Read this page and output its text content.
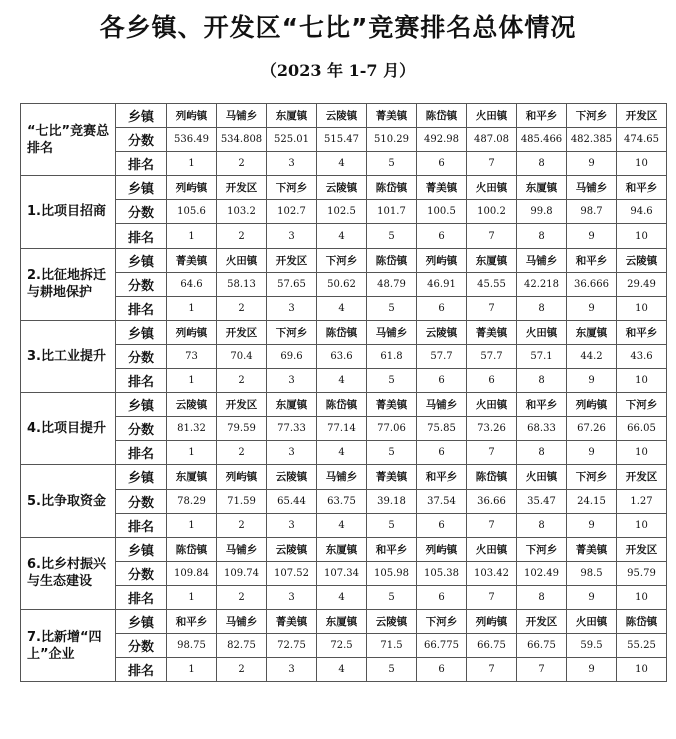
各乡镇、开发区“七比”竞赛排名总体情况
（2023 年 1-7 月）
“七比”竞赛总排名	乡镇	列屿镇	马铺乡	东厦镇	云陵镇	菁美镇	陈岱镇	火田镇	和平乡	下河乡	开发区
	分数	536.49	534.808	525.01	515.47	510.29	492.98	487.08	485.466	482.385	474.65
	排名	1	2	3	4	5	6	7	8	9	10
1.比项目招商	乡镇	列屿镇	开发区	下河乡	云陵镇	陈岱镇	菁美镇	火田镇	东厦镇	马铺乡	和平乡
	分数	105.6	103.2	102.7	102.5	101.7	100.5	100.2	99.8	98.7	94.6
	排名	1	2	3	4	5	6	7	8	9	10
2.比征地拆迁与耕地保护	乡镇	菁美镇	火田镇	开发区	下河乡	陈岱镇	列屿镇	东厦镇	马铺乡	和平乡	云陵镇
	分数	64.6	58.13	57.65	50.62	48.79	46.91	45.55	42.218	36.666	29.49
	排名	1	2	3	4	5	6	7	8	9	10
3.比工业提升	乡镇	列屿镇	开发区	下河乡	陈岱镇	马铺乡	云陵镇	菁美镇	火田镇	东厦镇	和平乡
	分数	73	70.4	69.6	63.6	61.8	57.7	57.7	57.1	44.2	43.6
	排名	1	2	3	4	5	6	6	8	9	10
4.比项目提升	乡镇	云陵镇	开发区	东厦镇	陈岱镇	菁美镇	马铺乡	火田镇	和平乡	列屿镇	下河乡
	分数	81.32	79.59	77.33	77.14	77.06	75.85	73.26	68.33	67.26	66.05
	排名	1	2	3	4	5	6	7	8	9	10
5.比争取资金	乡镇	东厦镇	列屿镇	云陵镇	马铺乡	菁美镇	和平乡	陈岱镇	火田镇	下河乡	开发区
	分数	78.29	71.59	65.44	63.75	39.18	37.54	36.66	35.47	24.15	1.27
	排名	1	2	3	4	5	6	7	8	9	10
6.比乡村振兴与生态建设	乡镇	陈岱镇	马铺乡	云陵镇	东厦镇	和平乡	列屿镇	火田镇	下河乡	菁美镇	开发区
	分数	109.84	109.74	107.52	107.34	105.98	105.38	103.42	102.49	98.5	95.79
	排名	1	2	3	4	5	6	7	8	9	10
7.比新增“四上”企业	乡镇	和平乡	马铺乡	菁美镇	东厦镇	云陵镇	下河乡	列屿镇	开发区	火田镇	陈岱镇
	分数	98.75	82.75	72.75	72.5	71.5	66.775	66.75	66.75	59.5	55.25
	排名	1	2	3	4	5	6	7	7	9	10
